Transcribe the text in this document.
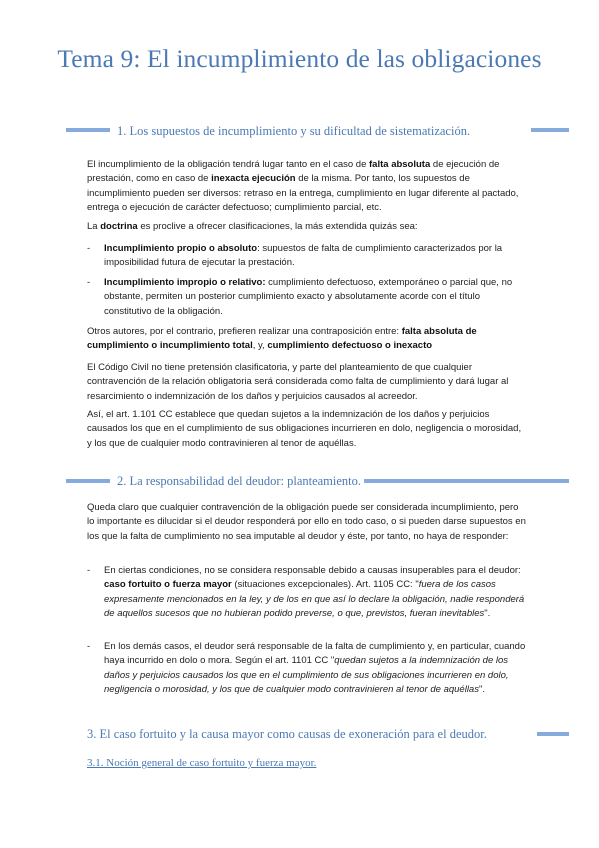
Tema 9: El incumplimiento de las obligaciones
1. Los supuestos de incumplimiento y su dificultad de sistematización.
El incumplimiento de la obligación tendrá lugar tanto en el caso de falta absoluta de ejecución de prestación, como en caso de inexacta ejecución de la misma. Por tanto, los supuestos de incumplimiento pueden ser diversos: retraso en la entrega, cumplimiento en lugar diferente al pactado, entrega o ejecución de carácter defectuoso; cumplimiento parcial, etc.
La doctrina es proclive a ofrecer clasificaciones, la más extendida quizás sea:
- Incumplimiento propio o absoluto: supuestos de falta de cumplimiento caracterizados por la imposibilidad futura de ejecutar la prestación.
- Incumplimiento impropio o relativo: cumplimiento defectuoso, extemporáneo o parcial que, no obstante, permiten un posterior cumplimiento exacto y absolutamente acorde con el título constitutivo de la obligación.
Otros autores, por el contrario, prefieren realizar una contraposición entre: falta absoluta de cumplimiento o incumplimiento total, y, cumplimiento defectuoso o inexacto
El Código Civil no tiene pretensión clasificatoria, y parte del planteamiento de que cualquier contravención de la relación obligatoria será considerada como falta de cumplimiento y dará lugar al resarcimiento o indemnización de los daños y perjuicios causados al acreedor.
Así, el art. 1.101 CC establece que quedan sujetos a la indemnización de los daños y perjuicios causados los que en el cumplimiento de sus obligaciones incurrieren en dolo, negligencia o morosidad, y los que de cualquier modo contravinieren al tenor de aquéllas.
2. La responsabilidad del deudor: planteamiento.
Queda claro que cualquier contravención de la obligación puede ser considerada incumplimiento, pero lo importante es dilucidar si el deudor responderá por ello en todo caso, o si pueden darse supuestos en los que la falta de cumplimiento no sea imputable al deudor y éste, por tanto, no haya de responder:
- En ciertas condiciones, no se considera responsable debido a causas insuperables para el deudor: caso fortuito o fuerza mayor (situaciones excepcionales). Art. 1105 CC: "fuera de los casos expresamente mencionados en la ley, y de los en que así lo declare la obligación, nadie responderá de aquellos sucesos que no hubieran podido preverse, o que, previstos, fueran inevitables".
- En los demás casos, el deudor será responsable de la falta de cumplimiento y, en particular, cuando haya incurrido en dolo o mora. Según el art. 1101 CC "quedan sujetos a la indemnización de los daños y perjuicios causados los que en el cumplimiento de sus obligaciones incurrieren en dolo, negligencia o morosidad, y los que de cualquier modo contravinieren al tenor de aquéllas".
3. El caso fortuito y la causa mayor como causas de exoneración para el deudor.
3.1. Noción general de caso fortuito y fuerza mayor.
